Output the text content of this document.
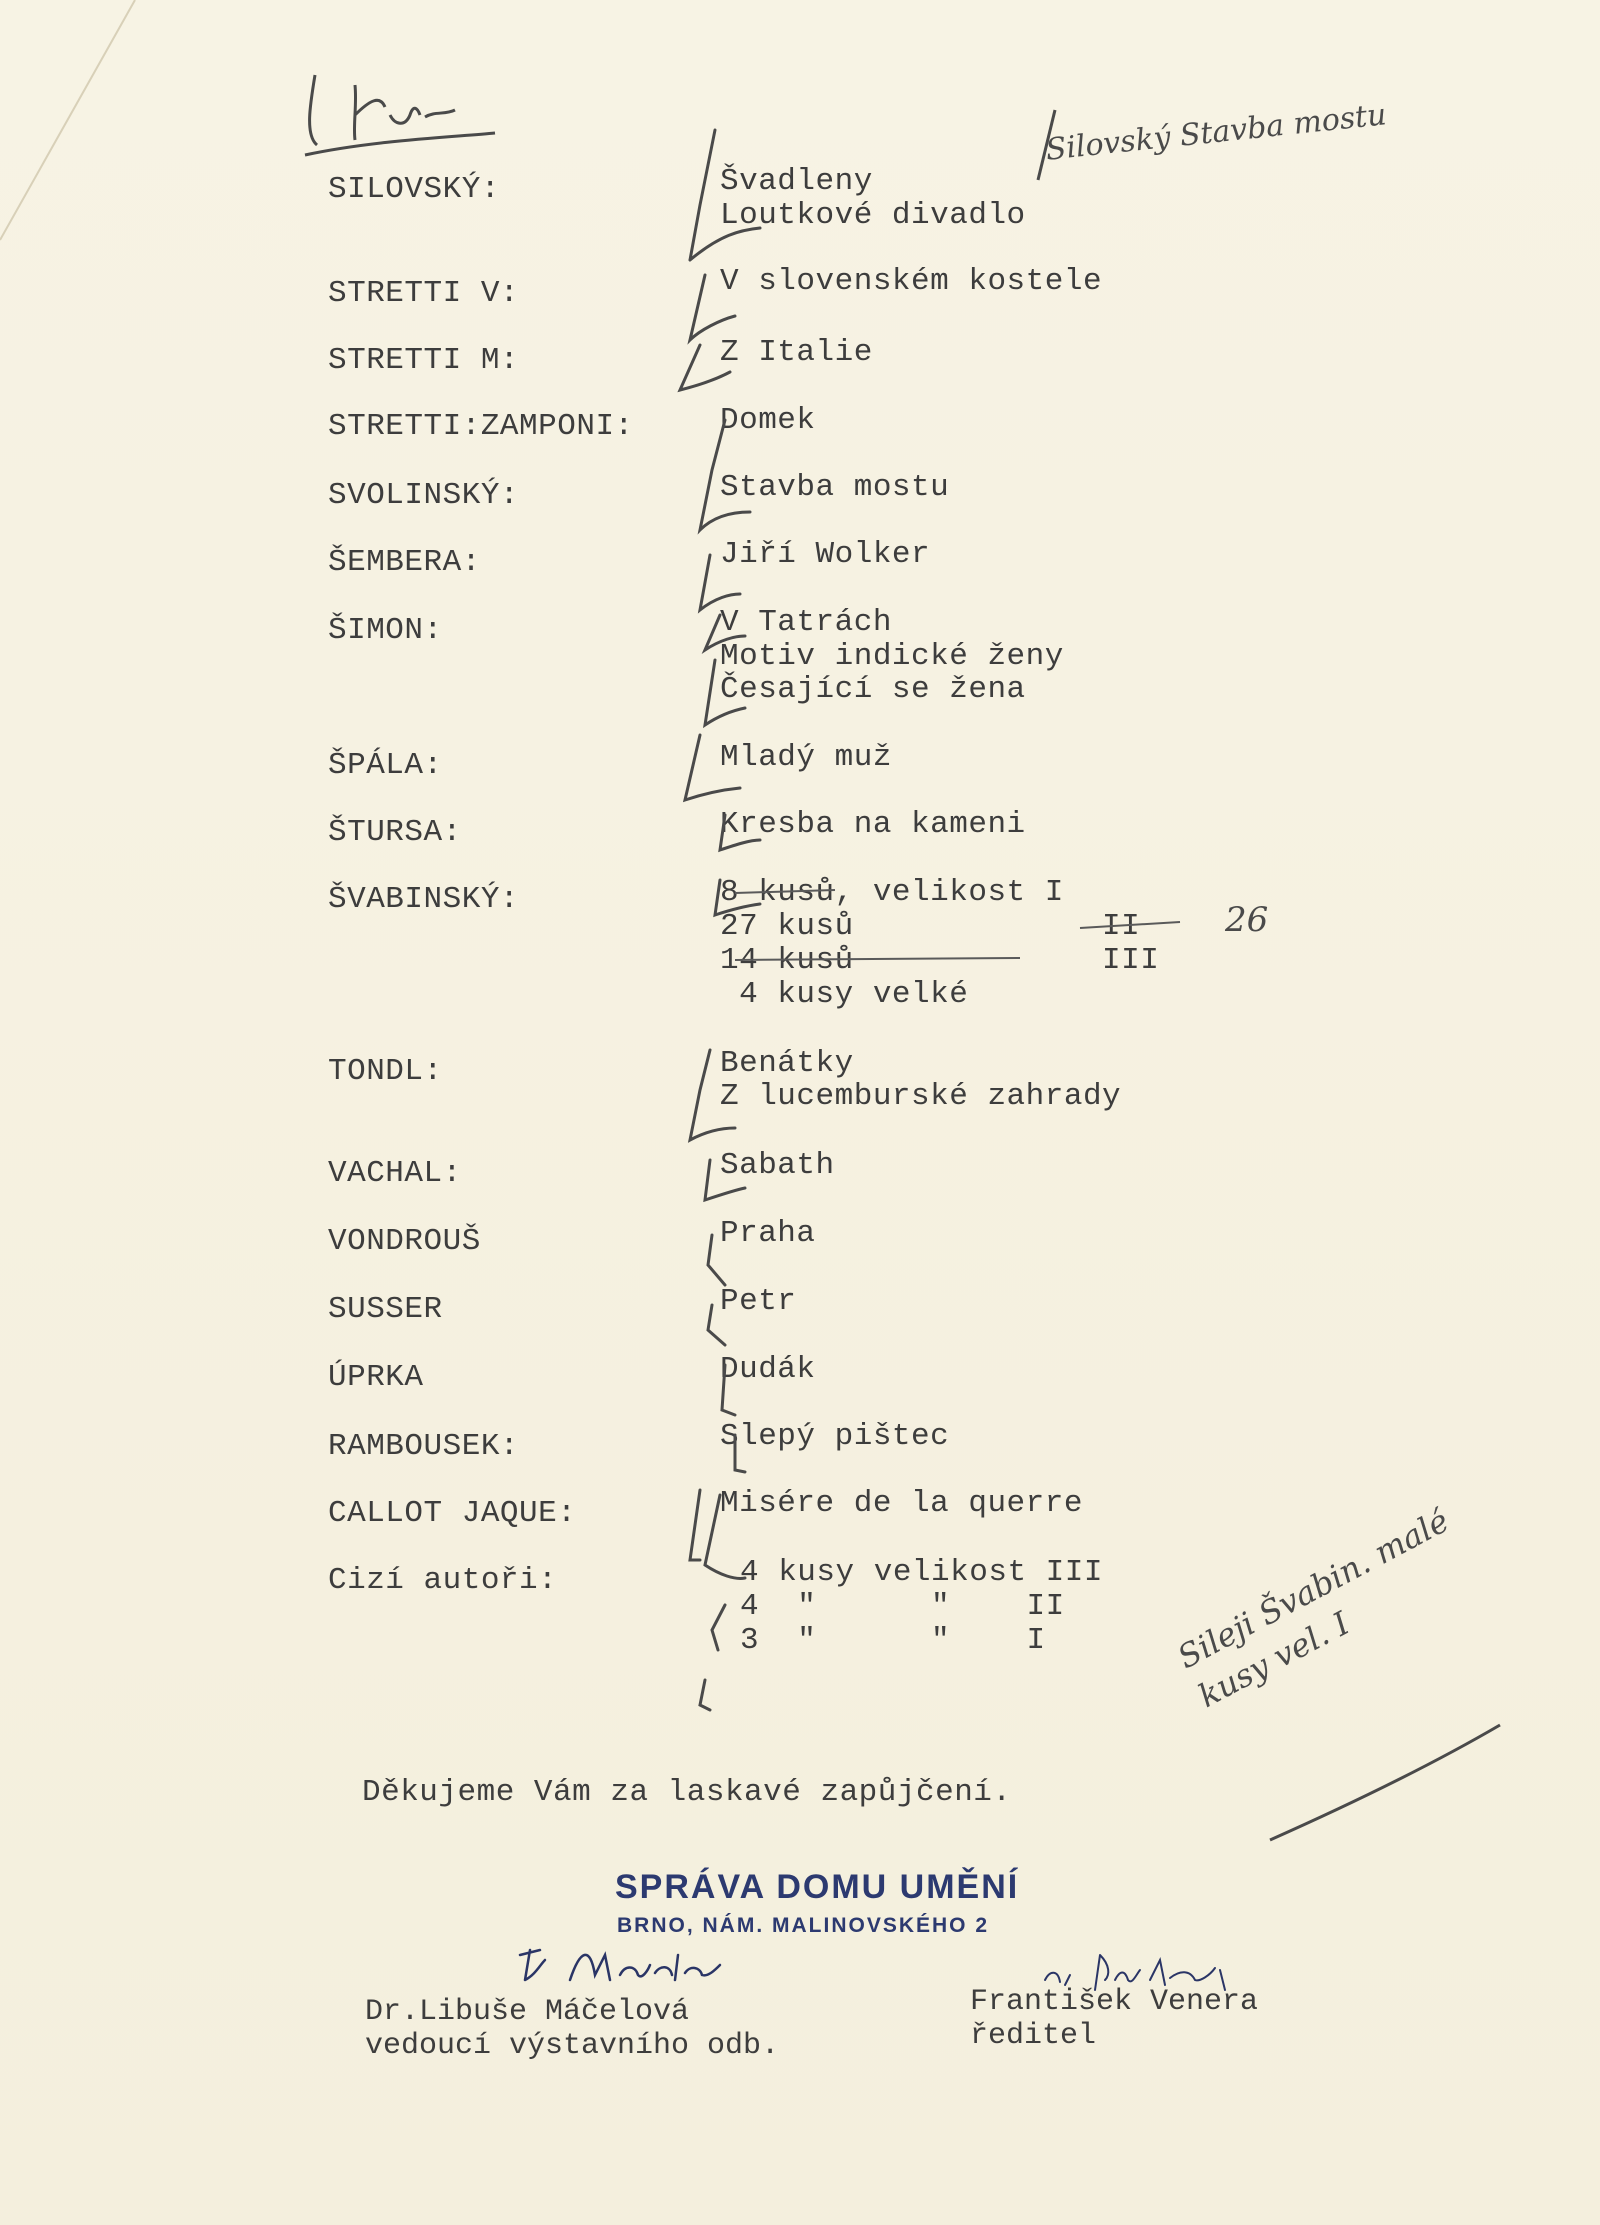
Silovský Stavba mostu
SILOVSKÝ:	Švadleny
Loutkové divadlo
STRETTI V:	V slovenském kostele
STRETTI M:	Z Italie
STRETTI:ZAMPONI:	Domek
SVOLINSKÝ:	Stavba mostu
ŠEMBERA:	Jiří Wolker
ŠIMON:	V Tatrách
Motiv indické ženy
Česající se žena
ŠPÁLA:	Mladý muž
ŠTURSA:	Kresba na kameni
ŠVABINSKÝ:	8 kusů, velikost I
27 kusů             II
14 kusů             III
4 kusy velké
TONDL:	Benátky
Z lucemburské zahrady
VACHAL:	Sabath
VONDROUŠ	Praha
SUSSER	Petr
ÚPRKA	Dudák
RAMBOUSEK:	Slepý pištec
CALLOT JAQUE:	Misére de la querre
Cizí autoři:	4 kusy velikost III
4  "      "    II
3  "      "    I
26
Sileji Švabin. malé kusy vel. I
Děkujeme Vám za laskavé zapůjčení.
SPRÁVA DOMU UMĚNÍ
BRNO, NÁM. MALINOVSKÉHO 2
Dr.Libuše Máčelová
vedoucí výstavního odb.
František Venera
ředitel
